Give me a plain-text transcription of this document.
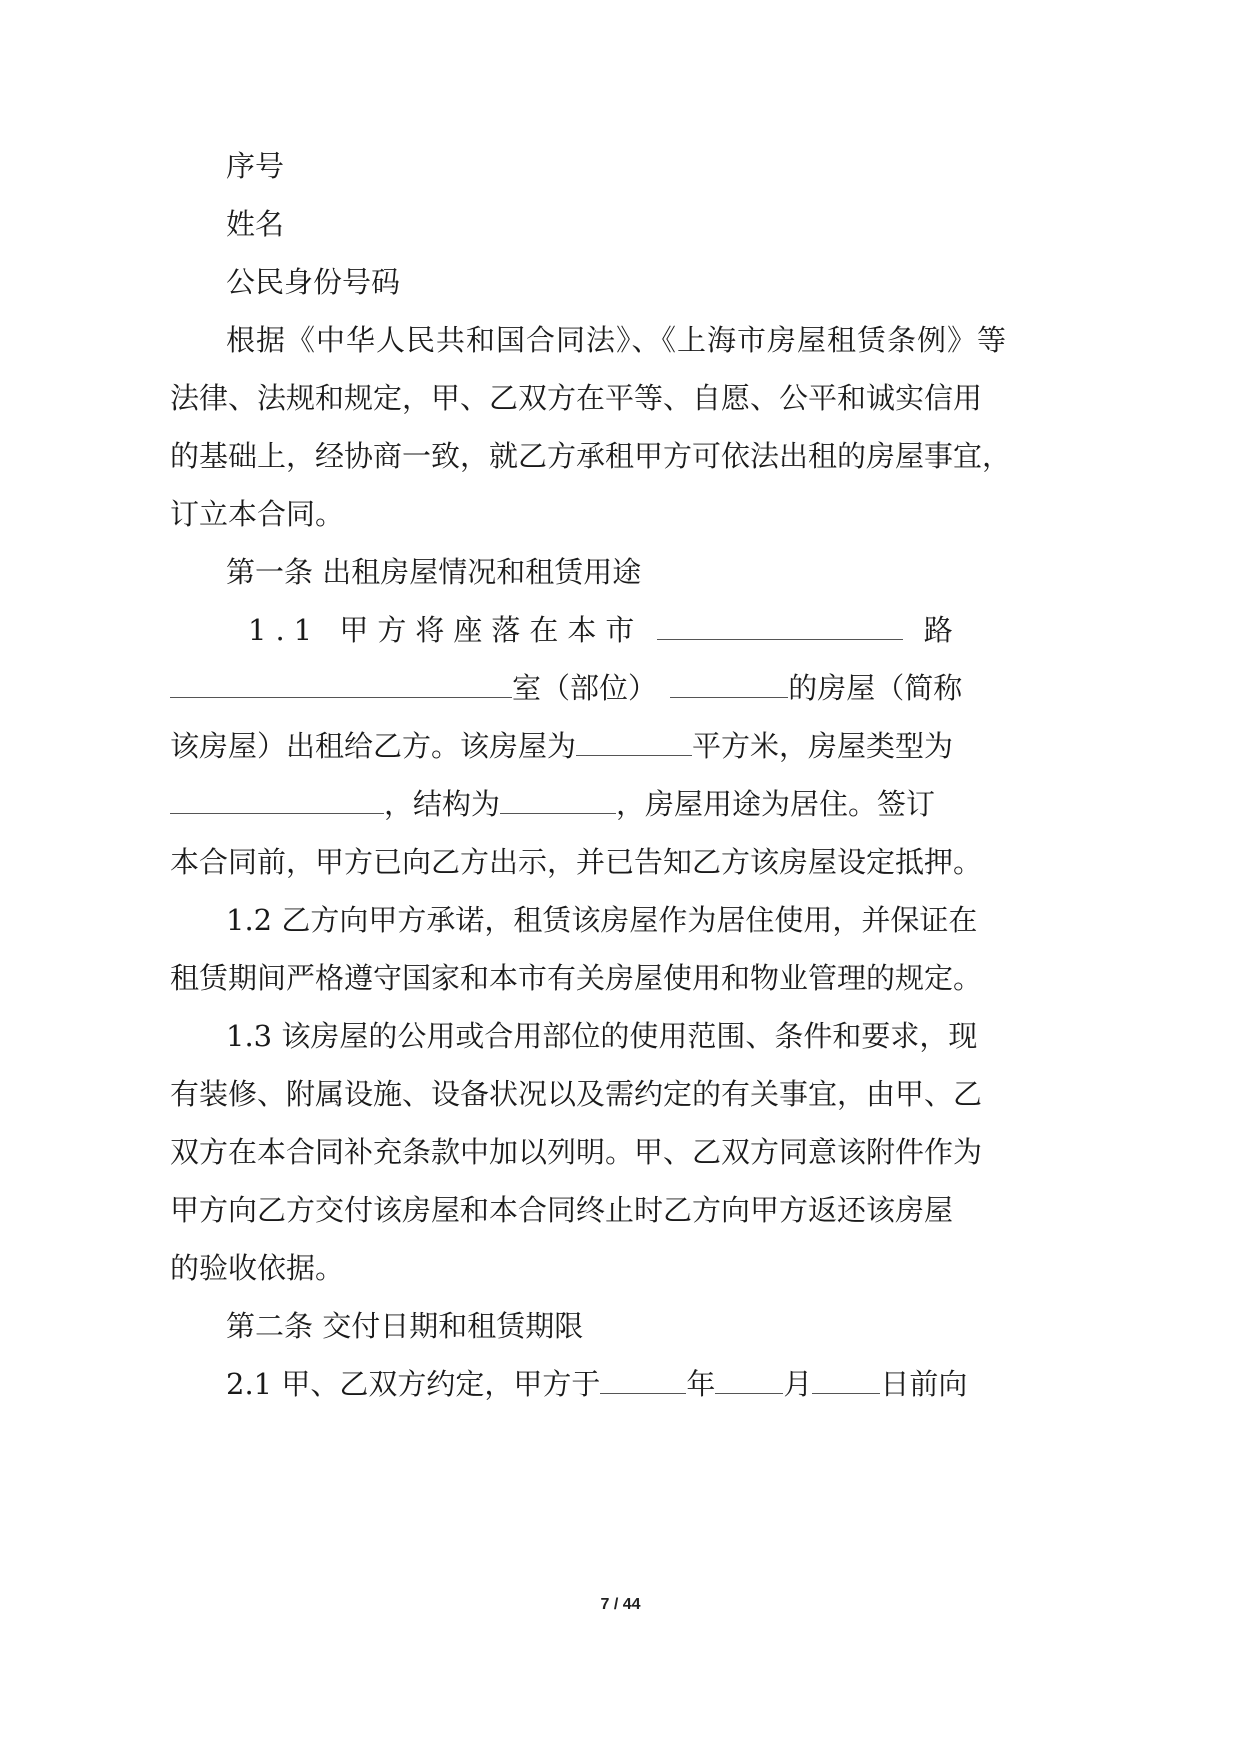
序号
姓名
公民身份号码
根据《中华人民共和国合同法》、《上海市房屋租赁条例》等
法律、法规和规定，甲、乙双方在平等、自愿、公平和诚实信用
的基础上，经协商一致，就乙方承租甲方可依法出租的房屋事宜，
订立本合同。
第一条 出租房屋情况和租赁用途
1.1 甲方将座落在本市	路
室（部位）	的房屋（简称
该房屋）出租给乙方。该房屋为	平方米，房屋类型为
，结构为	，房屋用途为居住。签订
本合同前，甲方已向乙方出示，并已告知乙方该房屋设定抵押。
1.2 乙方向甲方承诺，租赁该房屋作为居住使用，并保证在
租赁期间严格遵守国家和本市有关房屋使用和物业管理的规定。
1.3 该房屋的公用或合用部位的使用范围、条件和要求，现
有装修、附属设施、设备状况以及需约定的有关事宜，由甲、乙
双方在本合同补充条款中加以列明。甲、乙双方同意该附件作为
甲方向乙方交付该房屋和本合同终止时乙方向甲方返还该房屋
的验收依据。
第二条 交付日期和租赁期限
2.1 甲、乙双方约定，甲方于	年 月 日前向
7 / 44
